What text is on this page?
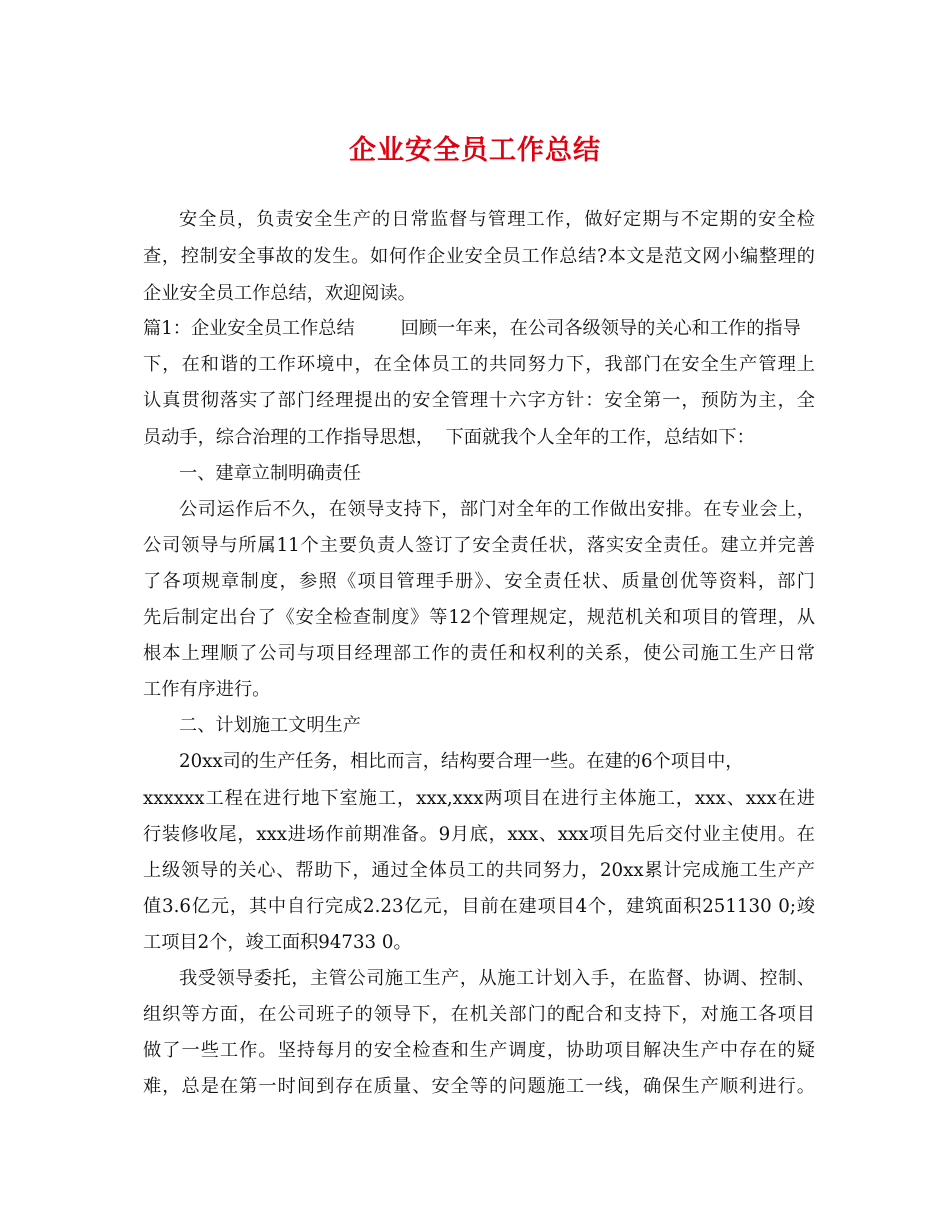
企业安全员工作总结
安全员，负责安全生产的日常监督与管理工作，做好定期与不定期的安全检
查，控制安全事故的发生。如何作企业安全员工作总结?本文是范文网小编整理的
企业安全员工作总结，欢迎阅读。
篇1：企业安全员工作总结	回顾一年来，在公司各级领导的关心和工作的指导
下，在和谐的工作环境中，在全体员工的共同努力下，我部门在安全生产管理上
认真贯彻落实了部门经理提出的安全管理十六字方针：安全第一，预防为主，全
员动手，综合治理的工作指导思想，  下面就我个人全年的工作，总结如下：
一、建章立制明确责任
公司运作后不久，在领导支持下，部门对全年的工作做出安排。在专业会上，
公司领导与所属11个主要负责人签订了安全责任状，落实安全责任。建立并完善
了各项规章制度，参照《项目管理手册》、安全责任状、质量创优等资料，部门
先后制定出台了《安全检查制度》等12个管理规定，规范机关和项目的管理，从
根本上理顺了公司与项目经理部工作的责任和权利的关系，使公司施工生产日常
工作有序进行。
二、计划施工文明生产
20xx司的生产任务，相比而言，结构要合理一些。在建的6个项目中，
xxxxxx工程在进行地下室施工，xxx,xxx两项目在进行主体施工，xxx、xxx在进
行装修收尾，xxx进场作前期准备。9月底，xxx、xxx项目先后交付业主使用。在
上级领导的关心、帮助下，通过全体员工的共同努力，20xx累计完成施工生产产
值3.6亿元，其中自行完成2.23亿元，目前在建项目4个，建筑面积251130 0;竣
工项目2个，竣工面积94733 0。
我受领导委托，主管公司施工生产，从施工计划入手，在监督、协调、控制、
组织等方面，在公司班子的领导下，在机关部门的配合和支持下，对施工各项目
做了一些工作。坚持每月的安全检查和生产调度，协助项目解决生产中存在的疑
难，总是在第一时间到存在质量、安全等的问题施工一线，确保生产顺利进行。
